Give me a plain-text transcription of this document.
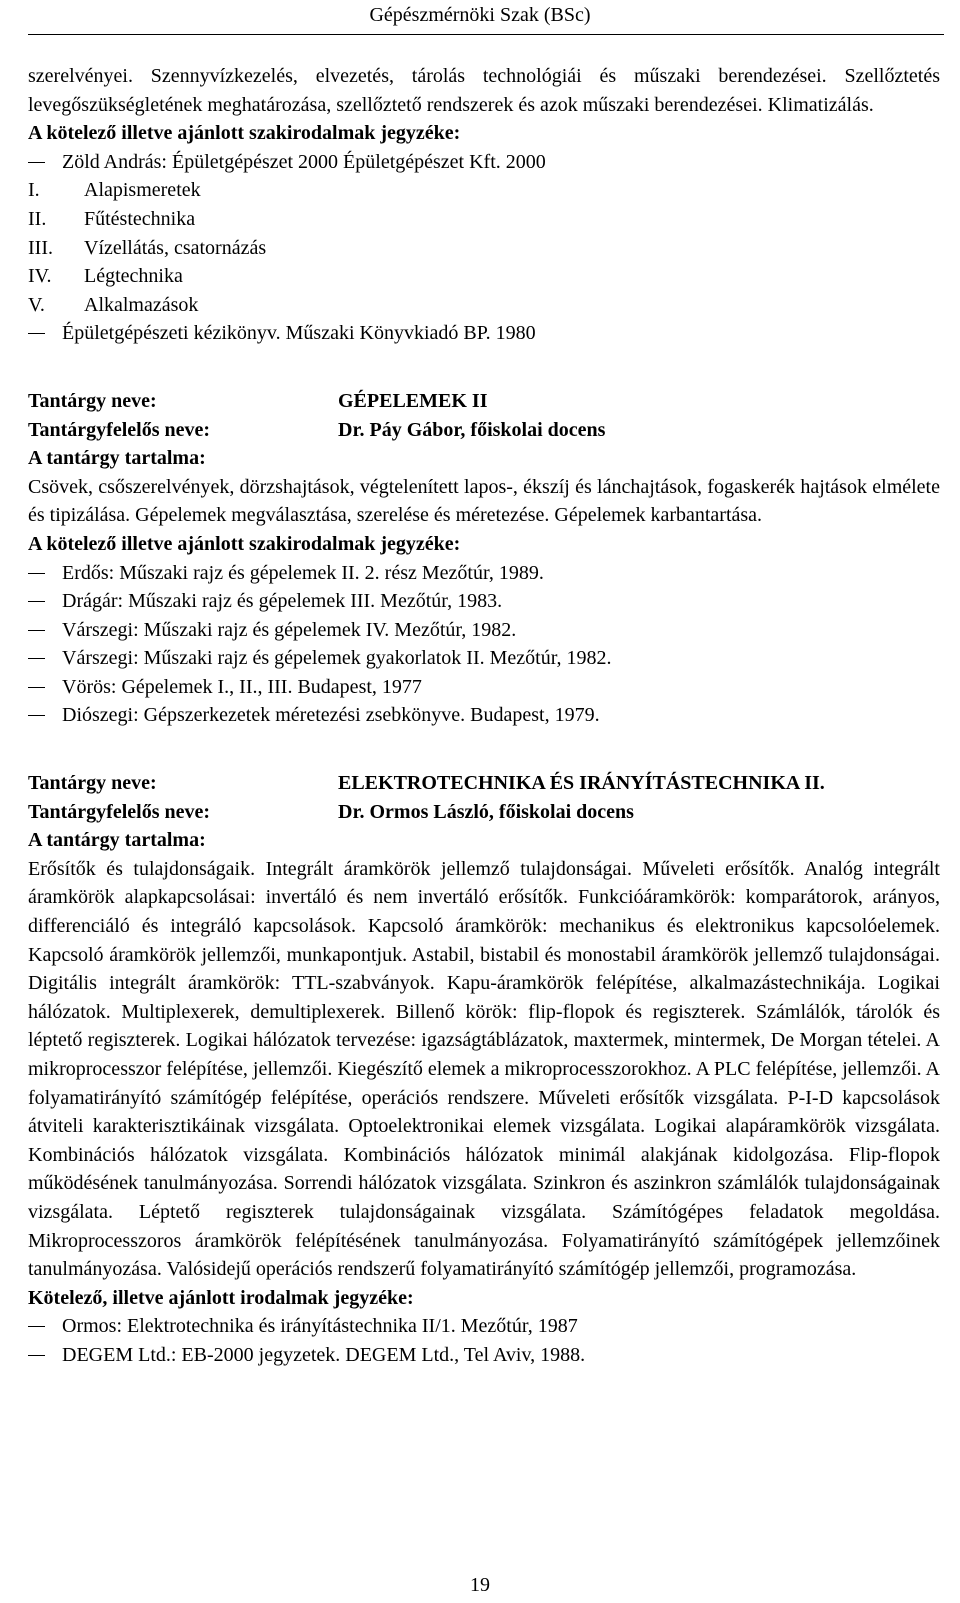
Gépészmérnöki Szak (BSc)

szerelvényei. Szennyvízkezelés, elvezetés, tárolás technológiái és műszaki berendezései. Szellőztetés levegőszükségletének meghatározása, szellőztető rendszerek és azok műszaki berendezései. Klimatizálás.

A kötelező illetve ajánlott szakirodalmak jegyzéke:
Zöld András: Épületgépészet 2000 Épületgépészet Kft. 2000
I. Alapismeretek
II. Fűtéstechnika
III. Vízellátás, csatornázás
IV. Légtechnika
V. Alkalmazások
Épületgépészeti kézikönyv. Műszaki Könyvkiadó BP. 1980
Tantárgy neve:	GÉPELEMEK II
Tantárgyfelelős neve:	Dr. Páy Gábor, főiskolai docens
A tantárgy tartalma:

Csövek, csőszerelvények, dörzshajtások, végtelenített lapos-, ékszíj és lánchajtások, fogaskerék hajtások elmélete és tipizálása. Gépelemek megválasztása, szerelése és méretezése. Gépelemek karbantartása.

A kötelező illetve ajánlott szakirodalmak jegyzéke:
Erdős: Műszaki rajz és gépelemek II. 2. rész Mezőtúr, 1989.
Drágár: Műszaki rajz és gépelemek III. Mezőtúr, 1983.
Várszegi: Műszaki rajz és gépelemek IV. Mezőtúr, 1982.
Várszegi: Műszaki rajz és gépelemek gyakorlatok II. Mezőtúr, 1982.
Vörös: Gépelemek I., II., III. Budapest, 1977
Diószegi: Gépszerkezetek méretezési zsebkönyve. Budapest, 1979.
Tantárgy neve:	ELEKTROTECHNIKA ÉS IRÁNYÍTÁSTECHNIKA II.
Tantárgyfelelős neve:	Dr. Ormos László, főiskolai docens
A tantárgy tartalma:

Erősítők és tulajdonságaik. Integrált áramkörök jellemző tulajdonságai. Műveleti erősítők. Analóg integrált áramkörök alapkapcsolásai: invertáló és nem invertáló erősítők. Funkcióáramkörök: komparátorok, arányos, differenciáló és integráló kapcsolások. Kapcsoló áramkörök: mechanikus és elektronikus kapcsolóelemek. Kapcsoló áramkörök jellemzői, munkapontjuk. Astabil, bistabil és monostabil áramkörök jellemző tulajdonságai. Digitális integrált áramkörök: TTL-szabványok. Kapu-áramkörök felépítése, alkalmazástechnikája. Logikai hálózatok. Multiplexerek, demultiplexerek. Billenő körök: flip-flopok és regiszterek. Számlálók, tárolók és léptető regiszterek. Logikai hálózatok tervezése: igazságtáblázatok, maxtermek, mintermek, De Morgan tételei. A mikroprocesszor felépítése, jellemzői. Kiegészítő elemek a mikroprocesszorokhoz. A PLC felépítése, jellemzői. A folyamatirányító számítógép felépítése, operációs rendszere. Műveleti erősítők vizsgálata. P-I-D kapcsolások átviteli karakterisztikáinak vizsgálata. Optoelektronikai elemek vizsgálata. Logikai alapáramkörök vizsgálata. Kombinációs hálózatok vizsgálata. Kombinációs hálózatok minimál alakjának kidolgozása. Flip-flopok működésének tanulmányozása. Sorrendi hálózatok vizsgálata. Szinkron és aszinkron számlálók tulajdonságainak vizsgálata. Léptető regiszterek tulajdonságainak vizsgálata. Számítógépes feladatok megoldása. Mikroprocesszoros áramkörök felépítésének tanulmányozása. Folyamatirányító számítógépek jellemzőinek tanulmányozása. Valósidejű operációs rendszerű folyamatirányító számítógép jellemzői, programozása.

Kötelező, illetve ajánlott irodalmak jegyzéke:
Ormos: Elektrotechnika és irányítástechnika II/1. Mezőtúr, 1987
DEGEM Ltd.: EB-2000 jegyzetek. DEGEM Ltd., Tel Aviv, 1988.
19
